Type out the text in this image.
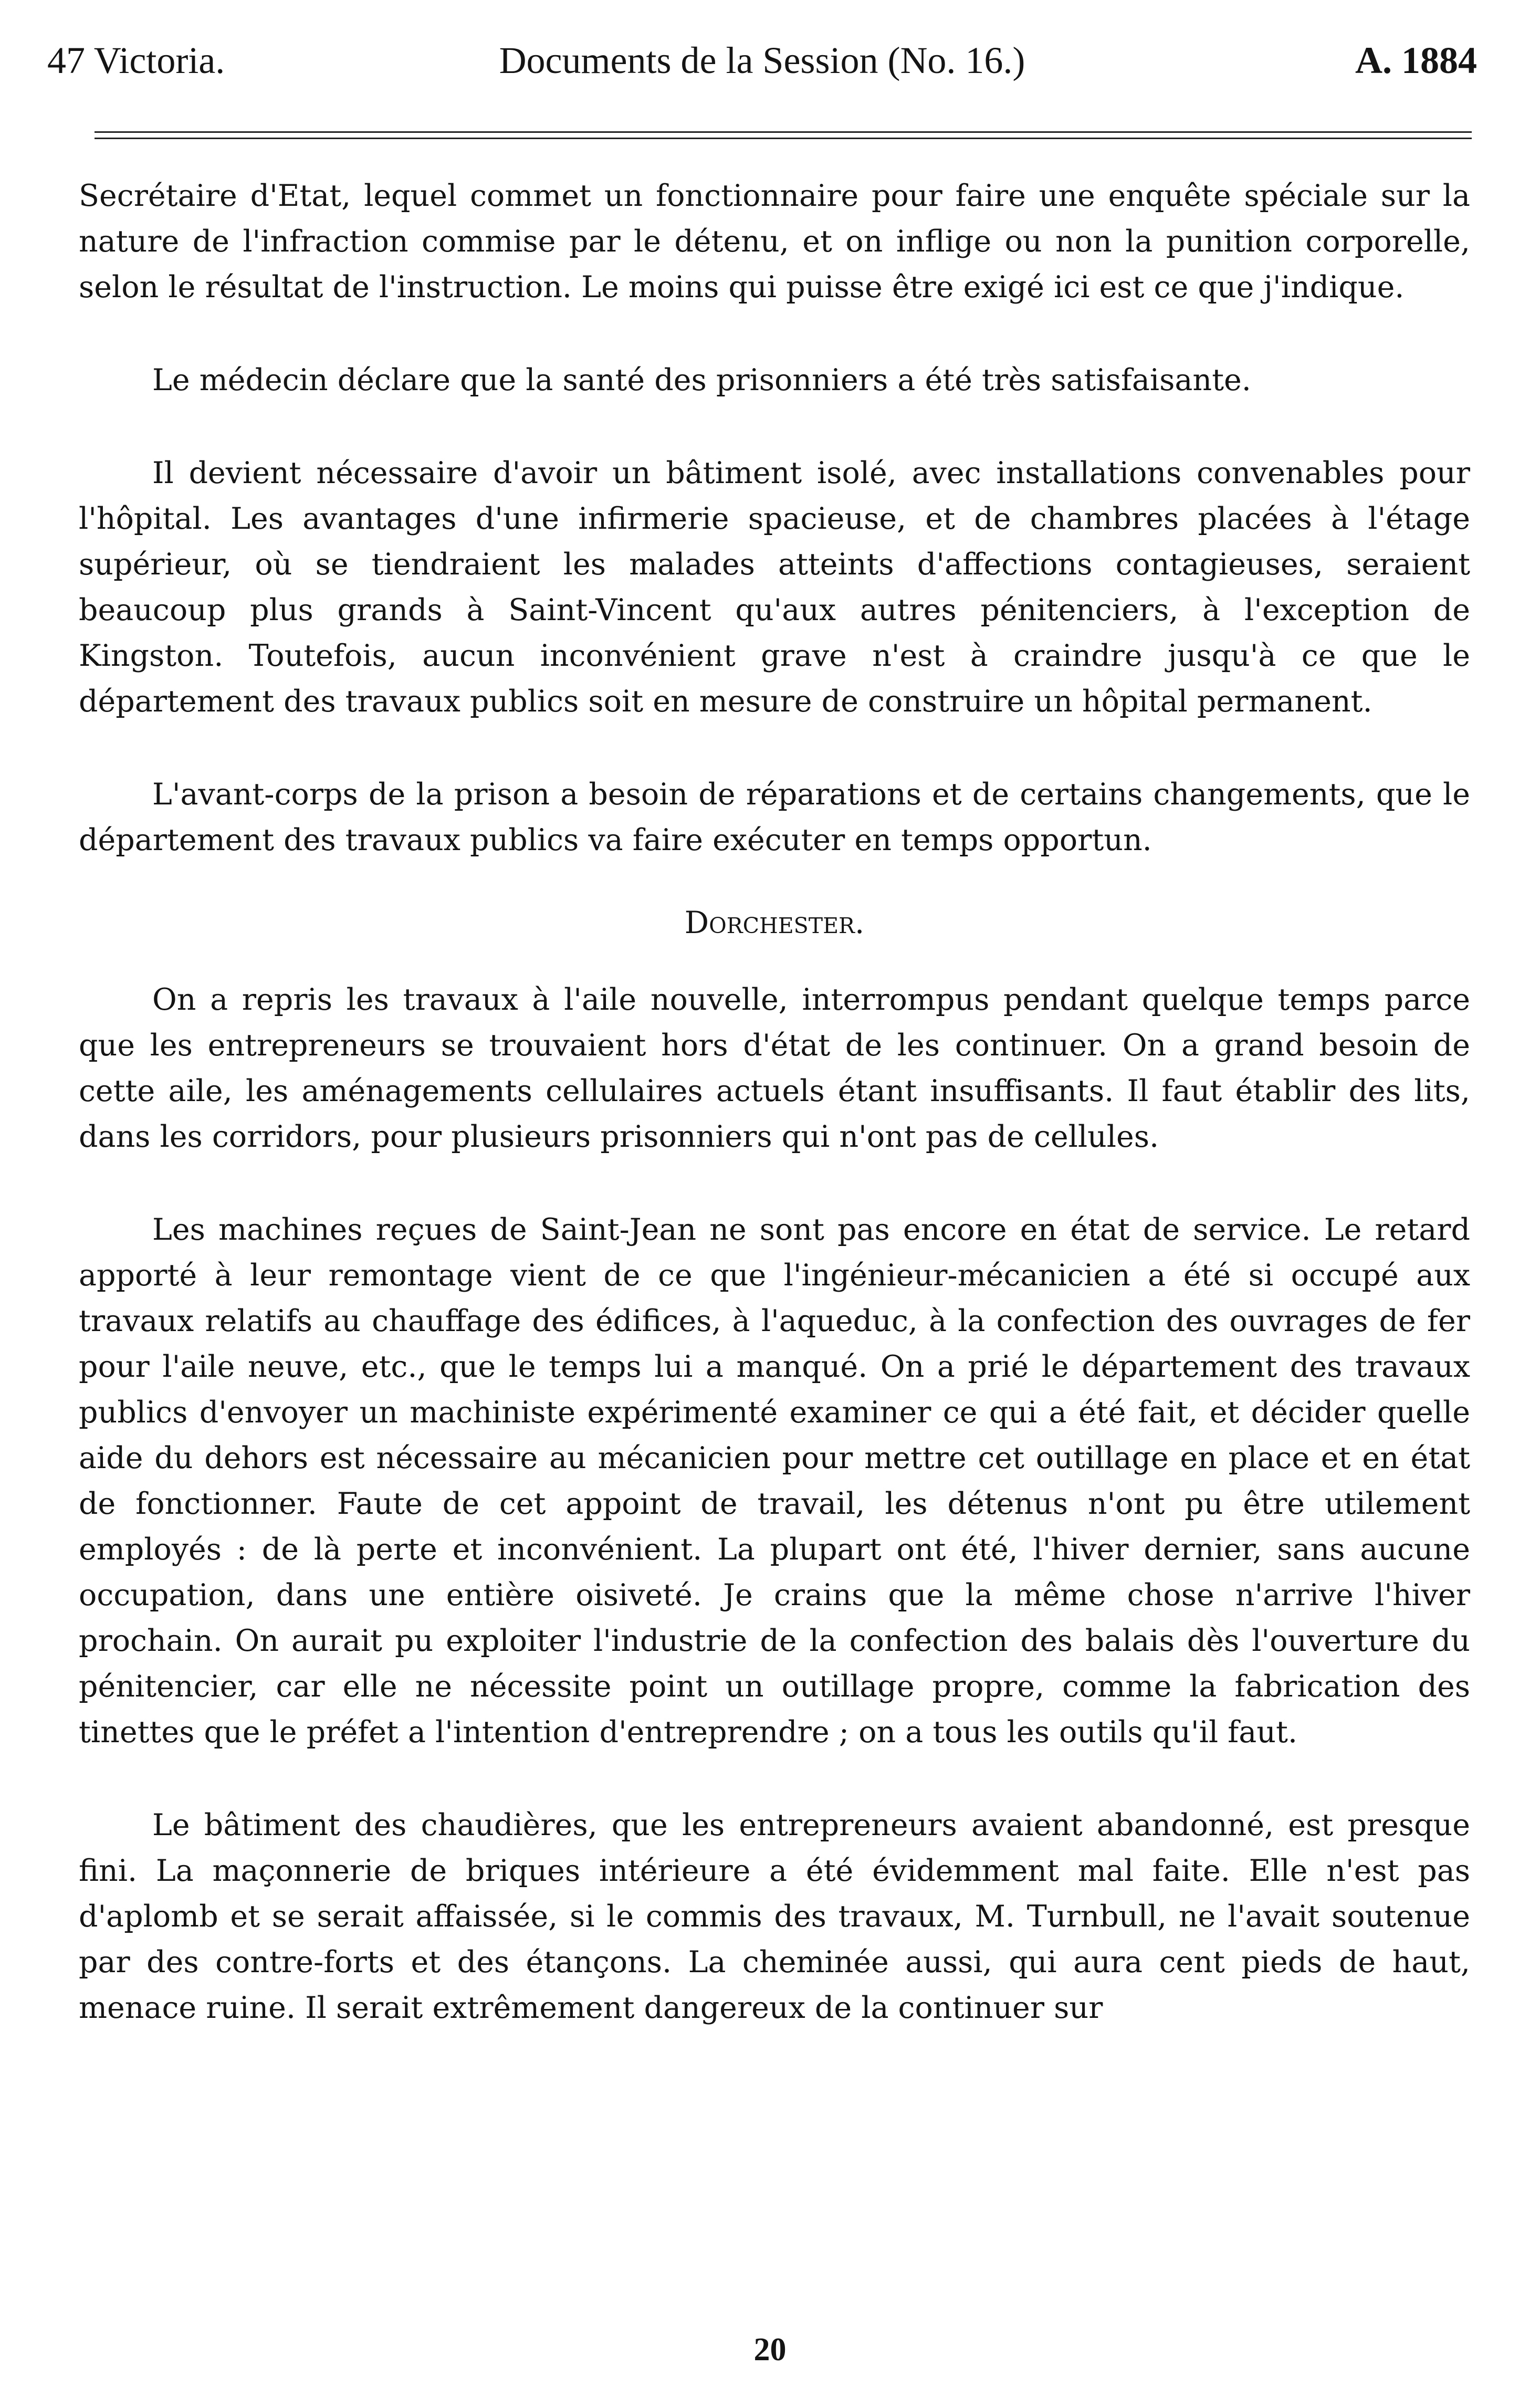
47 Victoria.	Documents de la Session (No. 16.)	A. 1884

Secrétaire d'Etat, lequel commet un fonctionnaire pour faire une enquête spéciale sur la nature de l'infraction commise par le détenu, et on inflige ou non la punition corporelle, selon le résultat de l'instruction. Le moins qui puisse être exigé ici est ce que j'indique.

Le médecin déclare que la santé des prisonniers a été très satisfaisante.

Il devient nécessaire d'avoir un bâtiment isolé, avec installations convenables pour l'hôpital. Les avantages d'une infirmerie spacieuse, et de chambres placées à l'étage supérieur, où se tiendraient les malades atteints d'affections contagieuses, seraient beaucoup plus grands à Saint-Vincent qu'aux autres pénitenciers, à l'exception de Kingston. Toutefois, aucun inconvénient grave n'est à craindre jusqu'à ce que le département des travaux publics soit en mesure de construire un hôpital permanent.

L'avant-corps de la prison a besoin de réparations et de certains changements, que le département des travaux publics va faire exécuter en temps opportun.

Dorchester.

On a repris les travaux à l'aile nouvelle, interrompus pendant quelque temps parce que les entrepreneurs se trouvaient hors d'état de les continuer. On a grand besoin de cette aile, les aménagements cellulaires actuels étant insuffisants. Il faut établir des lits, dans les corridors, pour plusieurs prisonniers qui n'ont pas de cellules.

Les machines reçues de Saint-Jean ne sont pas encore en état de service. Le retard apporté à leur remontage vient de ce que l'ingénieur-mécanicien a été si occupé aux travaux relatifs au chauffage des édifices, à l'aqueduc, à la confection des ouvrages de fer pour l'aile neuve, etc., que le temps lui a manqué. On a prié le département des travaux publics d'envoyer un machiniste expérimenté examiner ce qui a été fait, et décider quelle aide du dehors est nécessaire au mécanicien pour mettre cet outillage en place et en état de fonctionner. Faute de cet appoint de travail, les détenus n'ont pu être utilement employés : de là perte et inconvénient. La plupart ont été, l'hiver dernier, sans aucune occupation, dans une entière oisiveté. Je crains que la même chose n'arrive l'hiver prochain. On aurait pu exploiter l'industrie de la confection des balais dès l'ouverture du pénitencier, car elle ne nécessite point un outillage propre, comme la fabrication des tinettes que le préfet a l'intention d'entreprendre ; on a tous les outils qu'il faut.

Le bâtiment des chaudières, que les entrepreneurs avaient abandonné, est presque fini. La maçonnerie de briques intérieure a été évidemment mal faite. Elle n'est pas d'aplomb et se serait affaissée, si le commis des travaux, M. Turnbull, ne l'avait soutenue par des contre-forts et des étançons. La cheminée aussi, qui aura cent pieds de haut, menace ruine. Il serait extrêmement dangereux de la continuer sur

20
